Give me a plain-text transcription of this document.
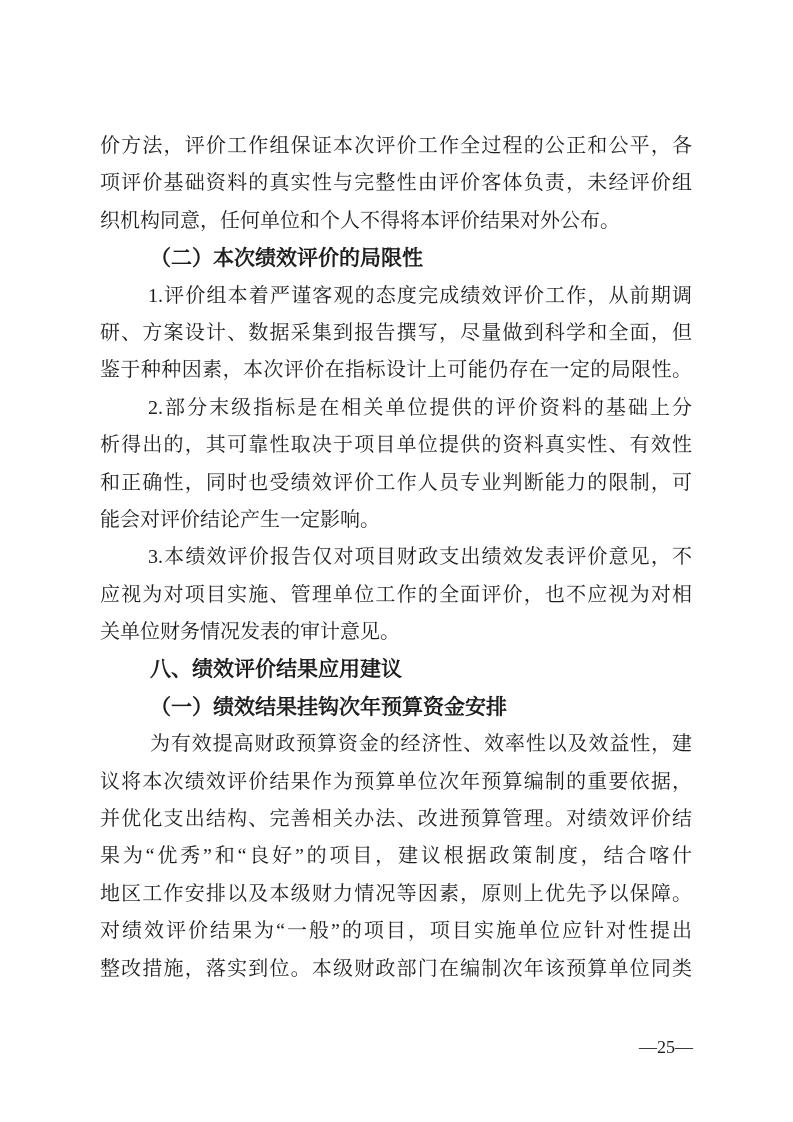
价方法，评价工作组保证本次评价工作全过程的公正和公平，各
项评价基础资料的真实性与完整性由评价客体负责，未经评价组
织机构同意，任何单位和个人不得将本评价结果对外公布。
（二）本次绩效评价的局限性
1.评价组本着严谨客观的态度完成绩效评价工作，从前期调
研、方案设计、数据采集到报告撰写，尽量做到科学和全面，但
鉴于种种因素，本次评价在指标设计上可能仍存在一定的局限性。
2.部分末级指标是在相关单位提供的评价资料的基础上分
析得出的，其可靠性取决于项目单位提供的资料真实性、有效性
和正确性，同时也受绩效评价工作人员专业判断能力的限制，可
能会对评价结论产生一定影响。
3.本绩效评价报告仅对项目财政支出绩效发表评价意见，不
应视为对项目实施、管理单位工作的全面评价，也不应视为对相
关单位财务情况发表的审计意见。
八、绩效评价结果应用建议
（一）绩效结果挂钩次年预算资金安排
为有效提高财政预算资金的经济性、效率性以及效益性，建
议将本次绩效评价结果作为预算单位次年预算编制的重要依据，
并优化支出结构、完善相关办法、改进预算管理。对绩效评价结
果为“优秀”和“良好”的项目，建议根据政策制度，结合喀什
地区工作安排以及本级财力情况等因素，原则上优先予以保障。
对绩效评价结果为“一般”的项目，项目实施单位应针对性提出
整改措施，落实到位。本级财政部门在编制次年该预算单位同类
—25—
